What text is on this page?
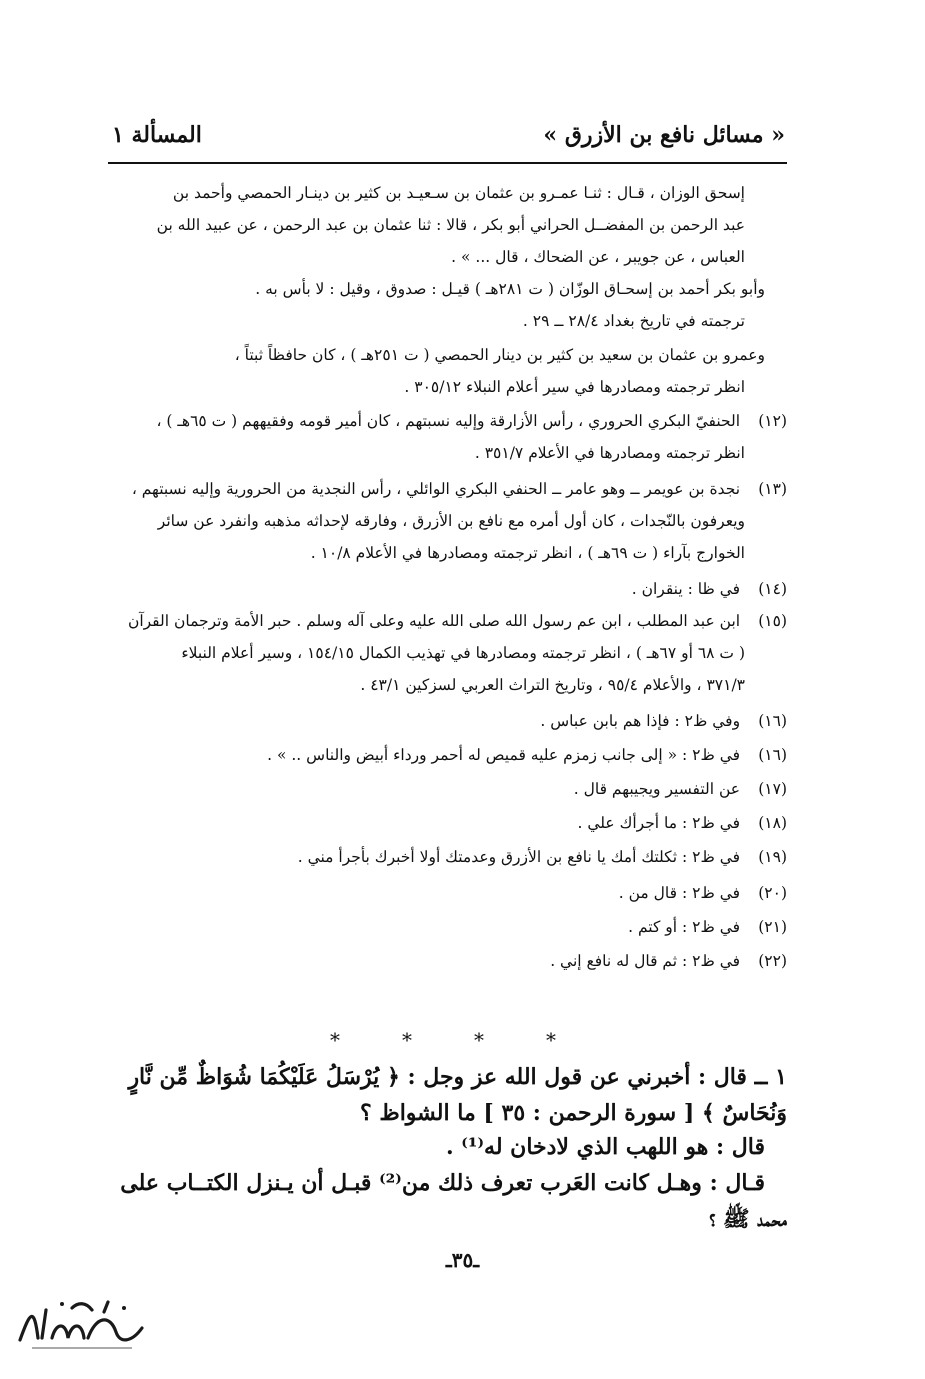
المسألة ١	« مسائل نافع بن الأزرق »
إسحق الوزان ، قـال : ثنـا عمـرو بن عثمان بن سـعيـد بن كثير بن دينـار الحمصي وأحمد بن
عبد الرحمن بن المفضــل الحراني أبو بكر ، قالا : ثنا عثمان بن عبد الرحمن ، عن عبيد الله بن
العباس ، عن جويبر ، عن الضحاك ، قال ... » .
وأبو بكر أحمد بن إسحـاق الوزّان ( ت ٢٨١هـ ) قيـل : صدوق ، وقيل : لا بأس به .
ترجمته في تاريخ بغداد ٢٨/٤ ــ ٢٩ .
وعمرو بن عثمان بن سعيد بن كثير بن دينار الحمصي ( ت ٢٥١هـ ) ، كان حافظاً ثبتاً ،
انظر ترجمته ومصادرها في سير أعلام النبلاء ٣٠٥/١٢ .
(١٢) الحنفيّ البكري الحروري ، رأس الأزارقة وإليه نسبتهم ، كان أمير قومه وفقيههم ( ت ٦٥هـ ) ،
انظر ترجمته ومصادرها في الأعلام ٣٥١/٧ .
(١٣) نجدة بن عويمر ــ وهو عامر ــ الحنفي البكري الوائلي ، رأس النجدية من الحرورية وإليه نسبتهم ،
ويعرفون بالنّجدات ، كان أول أمره مع نافع بن الأزرق ، وفارقه لإحداثه مذهبه وانفرد عن سائر
الخوارج بآراء ( ت ٦٩هـ ) ، انظر ترجمته ومصادرها في الأعلام ١٠/٨ .
(١٤) في ظا : ينقران .
(١٥) ابن عبد المطلب ، ابن عم رسول الله صلى الله عليه وعلى آله وسلم . حبر الأمة وترجمان القرآن
( ت ٦٨ أو ٦٧هـ ) ، انظر ترجمته ومصادرها في تهذيب الكمال ١٥٤/١٥ ، وسير أعلام النبلاء
٣٧١/٣ ، والأعلام ٩٥/٤ ، وتاريخ التراث العربي لسزكين ٤٣/١ .
(١٦) وفي ظ٢ : فإذا هم بابن عباس .
(١٦) في ظ٢ : « إلى جانب زمزم عليه قميص له أحمر ورداء أبيض والناس .. » .
(١٧) عن التفسير ويجيبهم قال .
(١٨) في ظ٢ : ما أجرأك علي .
(١٩) في ظ٢ : ثكلتك أمك يا نافع بن الأزرق وعدمتك أولا أخبرك بأجرأ مني .
(٢٠) في ظ٢ : قال من .
(٢١) في ظ٢ : أو كتم .
(٢٢) في ظ٢ : ثم قال له نافع إني .
*	*	*	*
١ ــ قال : أخبرني عن قول الله عز وجل : ﴿ يُرْسَلُ عَلَيْكُمَا شُوَاظٌ مِّن نَّارٍ
وَنُحَاسٌ ﴾ [ سورة الرحمن : ٣٥ ] ما الشواظ ؟
قال : هو اللهب الذي لادخان له⁽¹⁾ .
قـال : وهـل كانت العَرب تعرف ذلك من⁽²⁾ قبـل أن يـنزل الكتــاب على
محمد ﷺ ؟
ـ٣٥ـ
